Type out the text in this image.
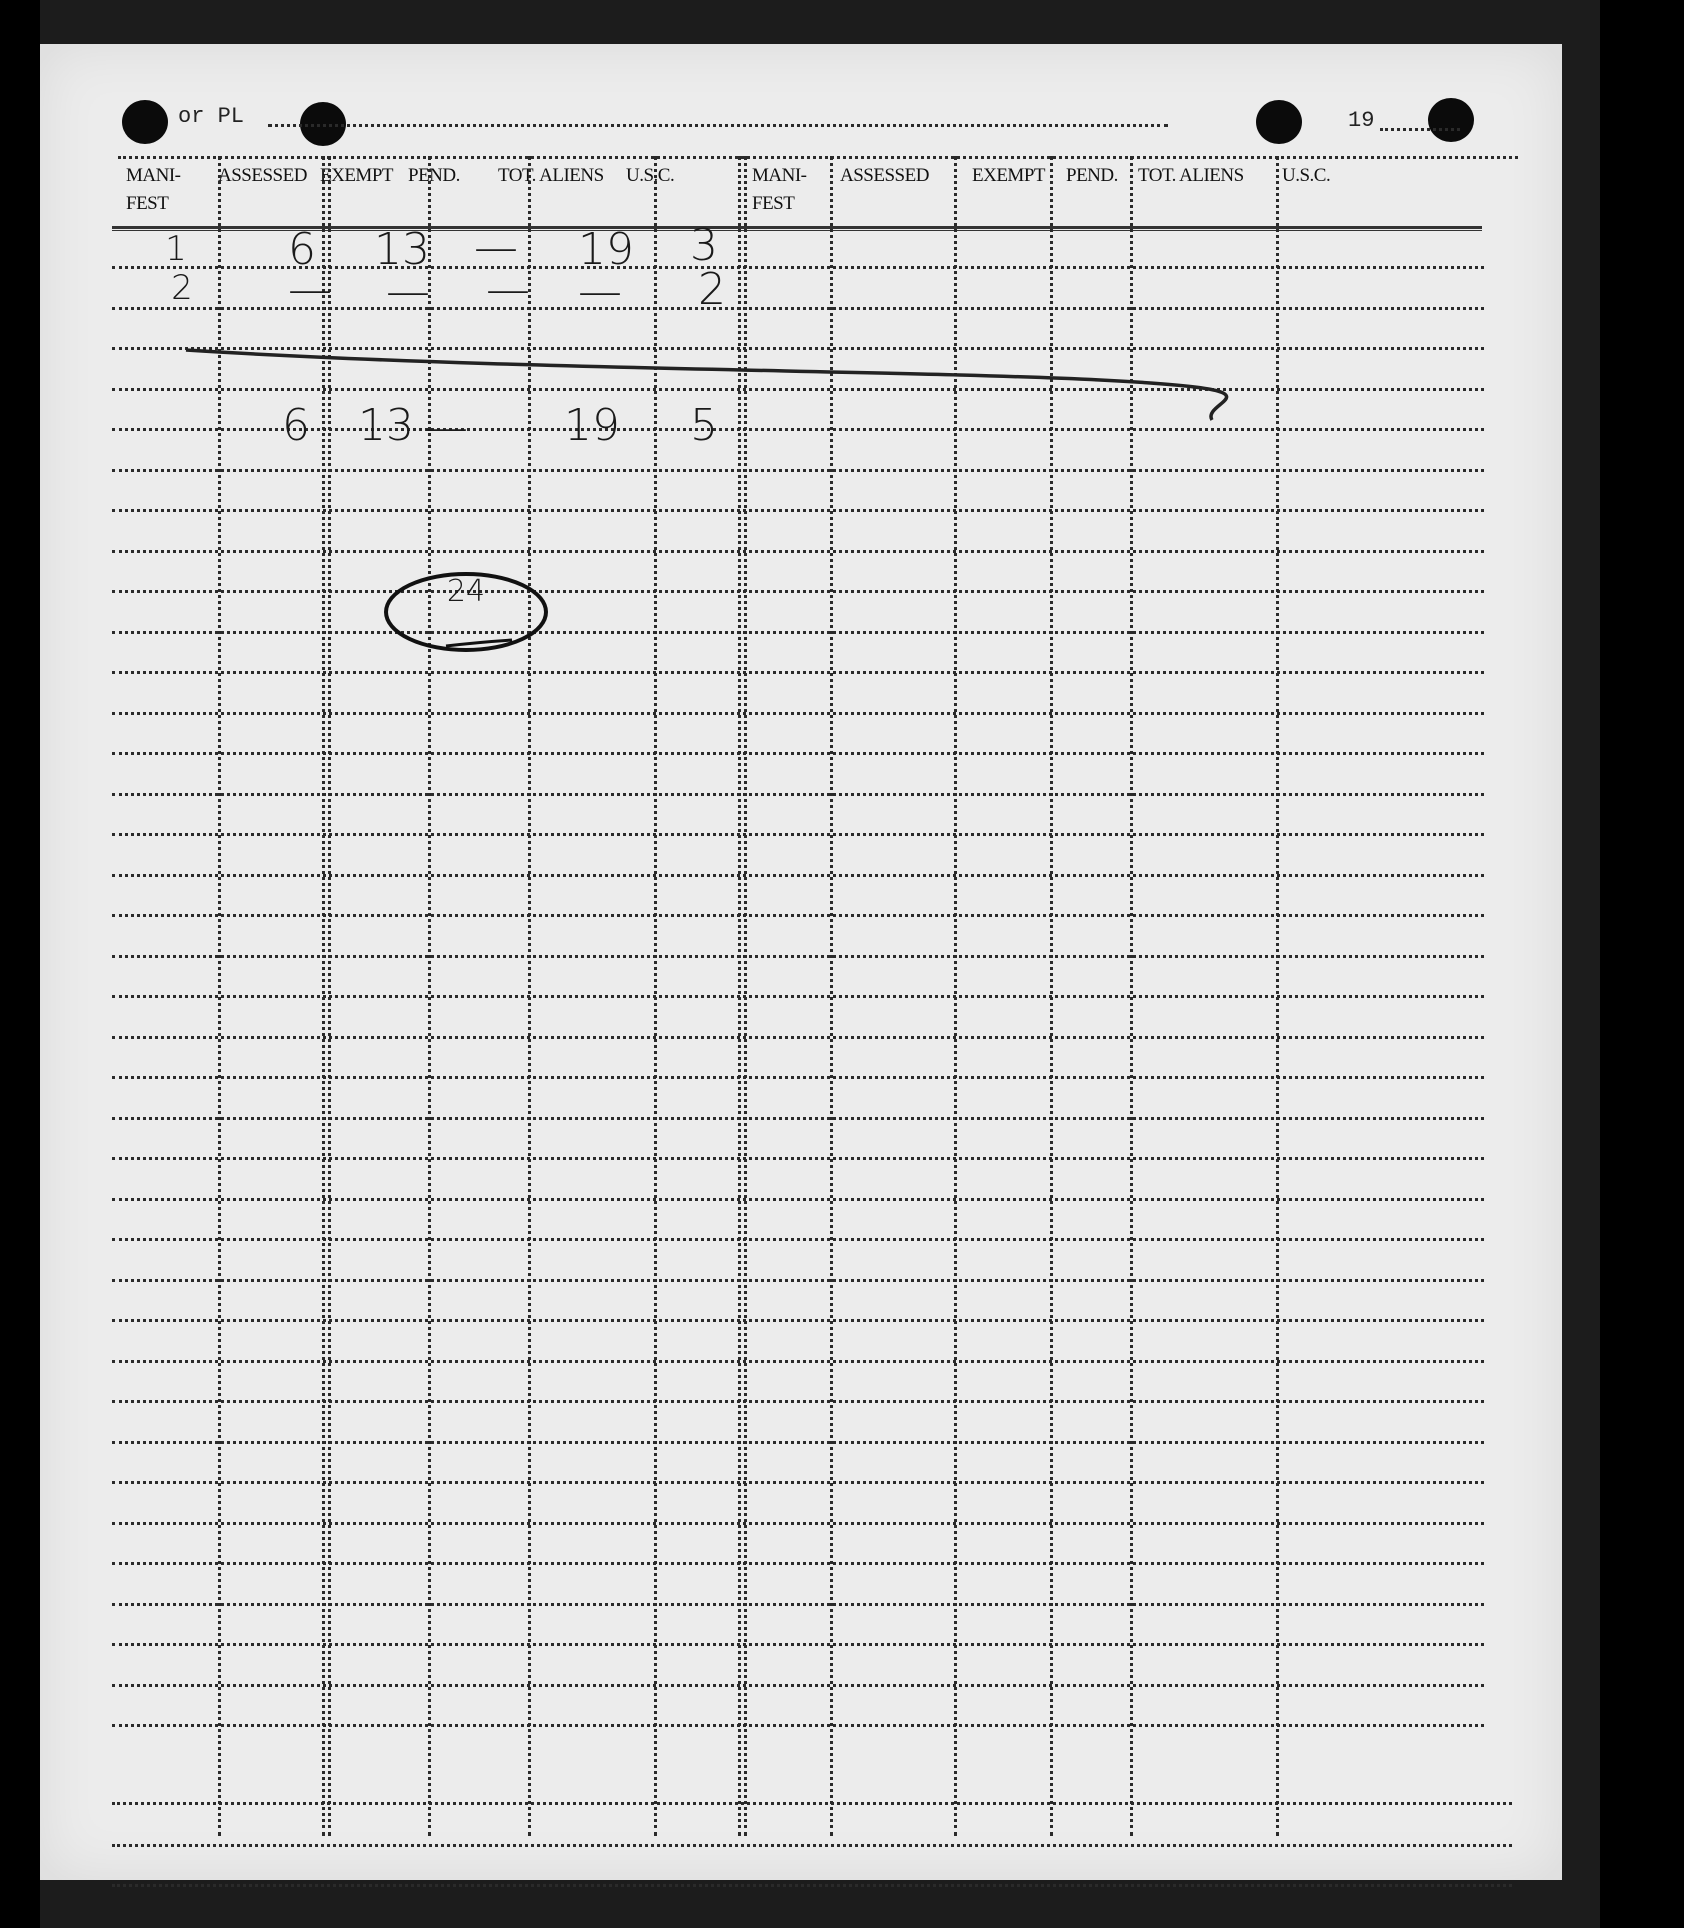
or PL	19
MANI-
FEST
ASSESSED EXEMPT PEND. TOT. ALIENS U.S.C.	MANI-
FEST
ASSESSED EXEMPT PEND. TOT. ALIENS U.S.C.
1 6 13 — 19 3
2 — — — — 2
6 13 — 19 5
24
